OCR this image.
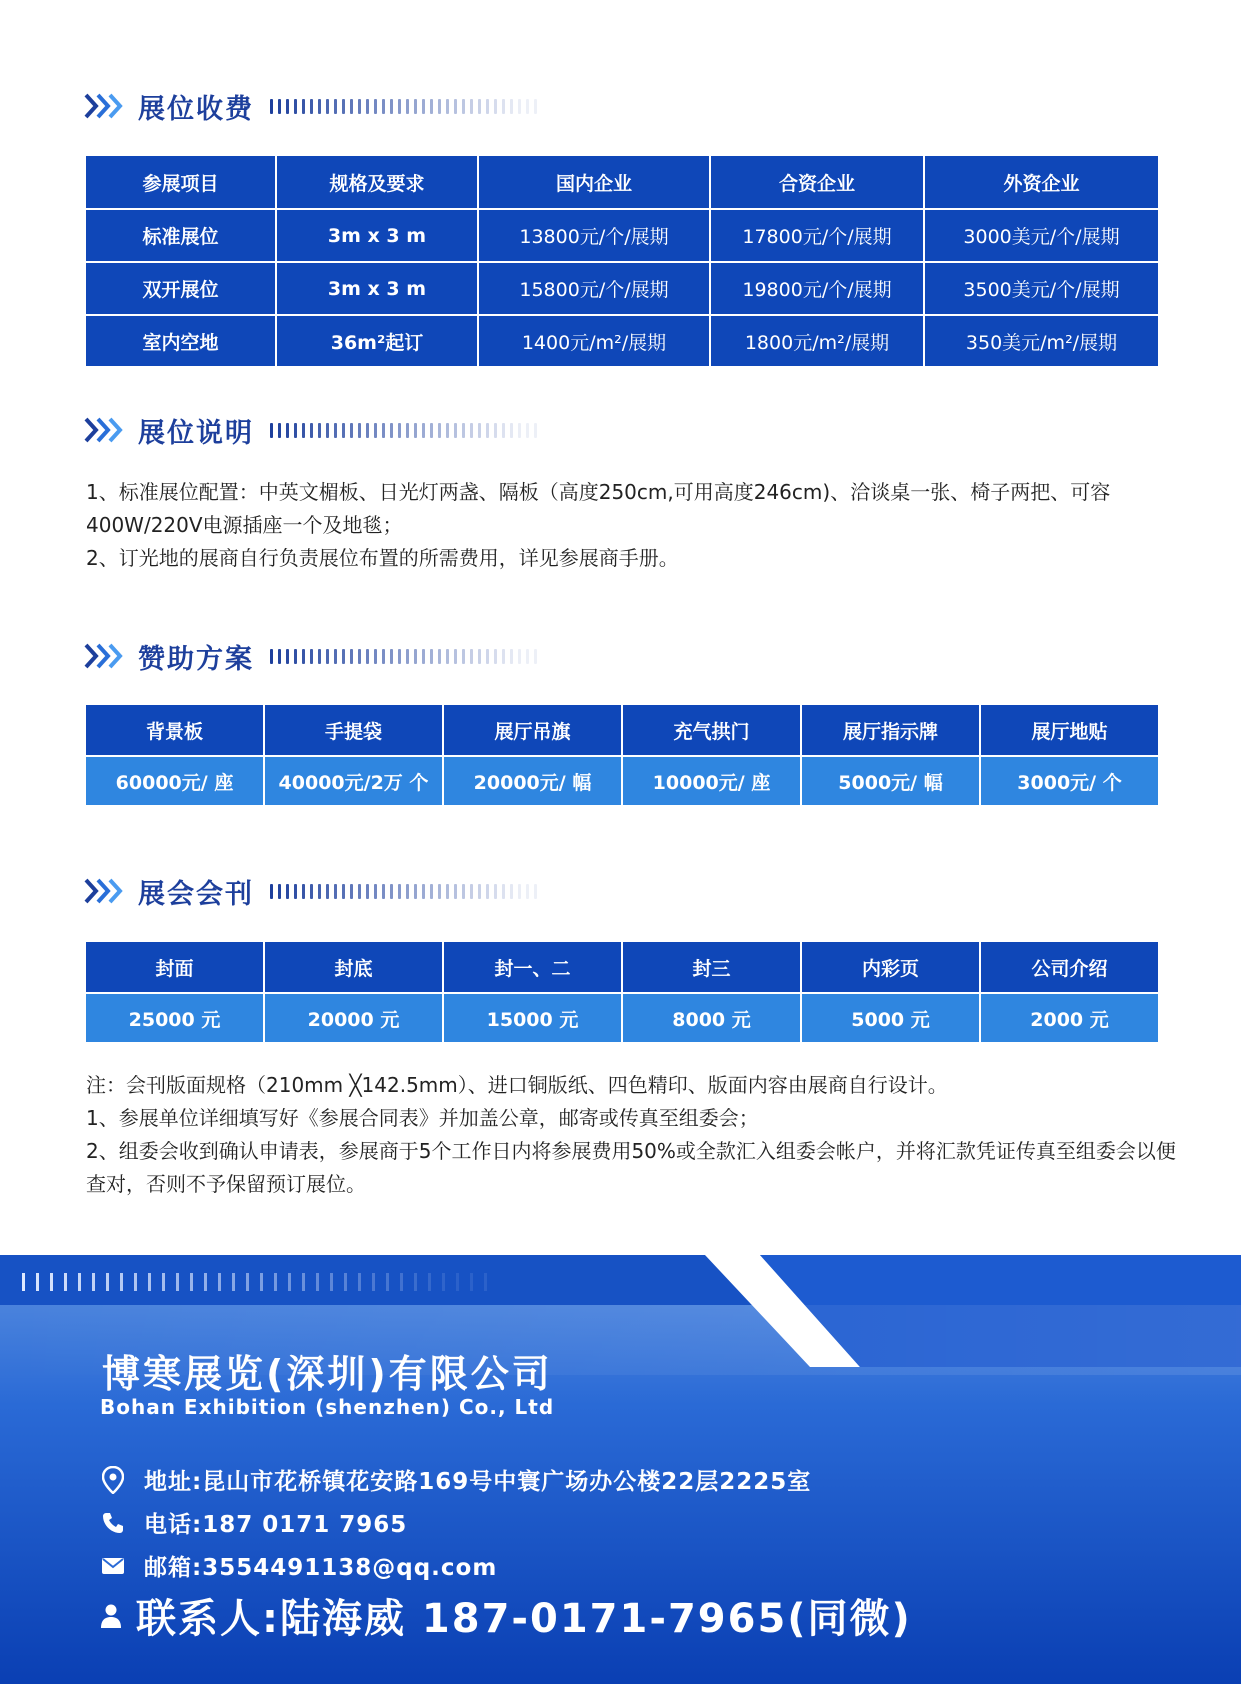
展位收费
参展项目	规格及要求	国内企业	合资企业	外资企业
标准展位	3m x 3 m	13800元/个/展期	17800元/个/展期	3000美元/个/展期
双开展位	3m x 3 m	15800元/个/展期	19800元/个/展期	3500美元/个/展期
室内空地	36m²起订	1400元/m²/展期	1800元/m²/展期	350美元/m²/展期
展位说明
1、标准展位配置：中英文楣板、日光灯两盏、隔板（高度250cm,可用高度246cm)、洽谈桌一张、椅子两把、可容400W/220V电源插座一个及地毯；
2、订光地的展商自行负责展位布置的所需费用，详见参展商手册。
赞助方案
背景板	手提袋	展厅吊旗	充气拱门	展厅指示牌	展厅地贴
60000元/ 座	40000元/2万 个	20000元/ 幅	10000元/ 座	5000元/ 幅	3000元/ 个
展会会刊
封面	封底	封一、二	封三	内彩页	公司介绍
25000 元	20000 元	15000 元	8000 元	5000 元	2000 元
注：会刊版面规格（210mm ╳142.5mm）、进口铜版纸、四色精印、版面内容由展商自行设计。
1、参展单位详细填写好《参展合同表》并加盖公章，邮寄或传真至组委会；
2、组委会收到确认申请表，参展商于5个工作日内将参展费用50%或全款汇入组委会帐户，并将汇款凭证传真至组委会以便查对，否则不予保留预订展位。
博寒展览(深圳)有限公司
Bohan Exhibition (shenzhen) Co., Ltd
地址:昆山市花桥镇花安路169号中寰广场办公楼22层2225室
电话:187 0171 7965
邮箱:3554491138@qq.com
联系人:陆海威 187-0171-7965(同微)
